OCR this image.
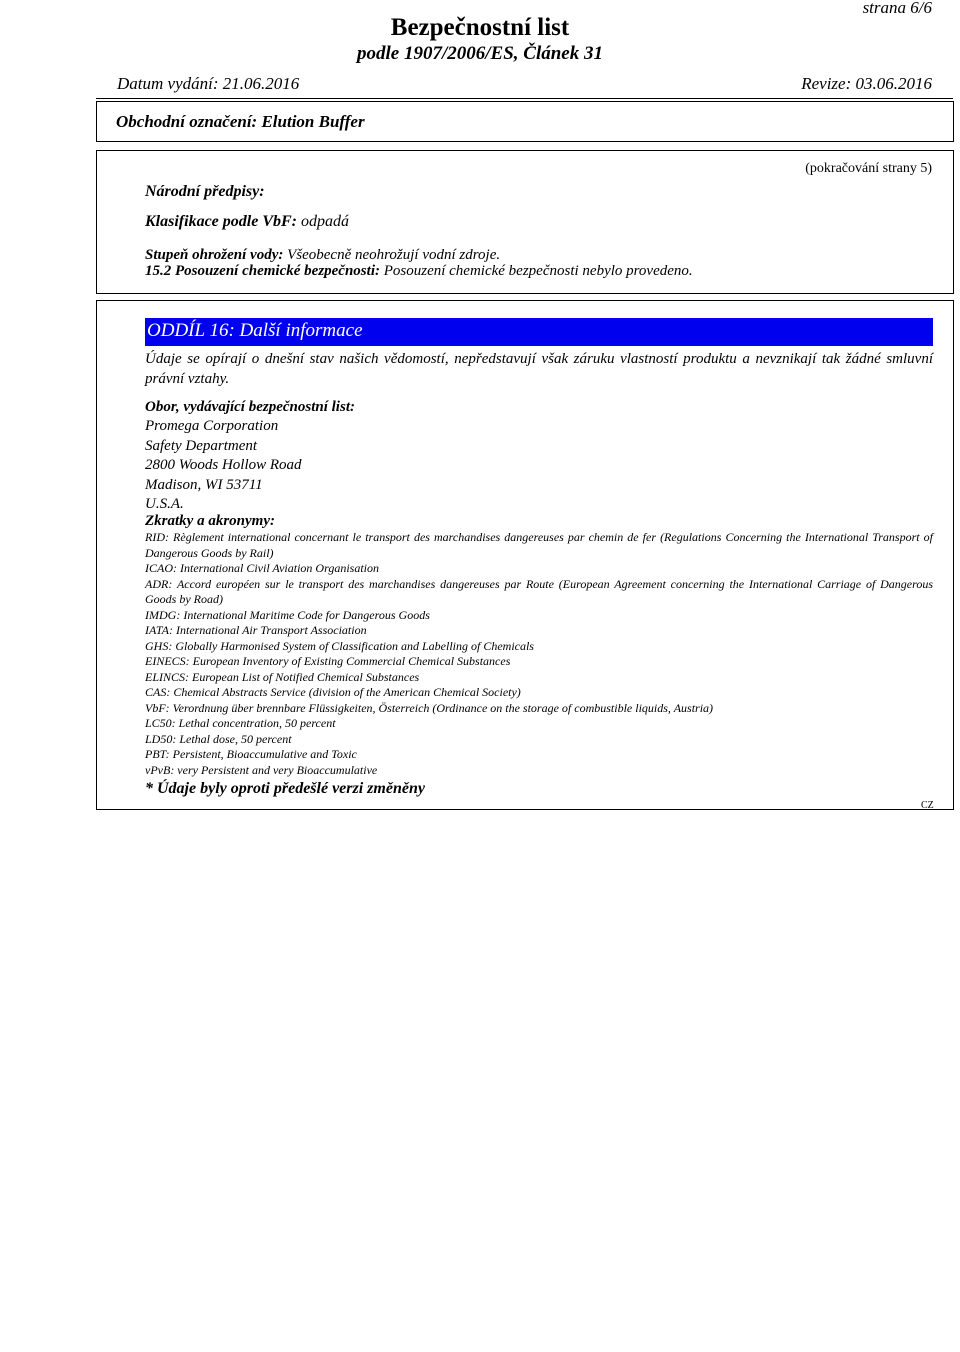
strana 6/6
Bezpečnostní list
podle 1907/2006/ES, Článek 31
Datum vydání: 21.06.2016	Revize: 03.06.2016
Obchodní označení: Elution Buffer
(pokračování strany 5)
Národní předpisy:
Klasifikace podle VbF: odpadá
Stupeň ohrožení vody: Všeobecně neohrožují vodní zdroje.
15.2 Posouzení chemické bezpečnosti: Posouzení chemické bezpečnosti nebylo provedeno.
ODDÍL 16: Další informace
Údaje se opírají o dnešní stav našich vědomostí, nepředstavují však záruku vlastností produktu a nevznikají tak žádné smluvní právní vztahy.
Obor, vydávající bezpečnostní list:
Promega Corporation
Safety Department
2800 Woods Hollow Road
Madison, WI 53711
U.S.A.
Zkratky a akronymy:
RID: Règlement international concernant le transport des marchandises dangereuses par chemin de fer (Regulations Concerning the International Transport of Dangerous Goods by Rail)
ICAO: International Civil Aviation Organisation
ADR: Accord européen sur le transport des marchandises dangereuses par Route (European Agreement concerning the International Carriage of Dangerous Goods by Road)
IMDG: International Maritime Code for Dangerous Goods
IATA: International Air Transport Association
GHS: Globally Harmonised System of Classification and Labelling of Chemicals
EINECS: European Inventory of Existing Commercial Chemical Substances
ELINCS: European List of Notified Chemical Substances
CAS: Chemical Abstracts Service (division of the American Chemical Society)
VbF: Verordnung über brennbare Flüssigkeiten, Österreich (Ordinance on the storage of combustible liquids, Austria)
LC50: Lethal concentration, 50 percent
LD50: Lethal dose, 50 percent
PBT: Persistent, Bioaccumulative and Toxic
vPvB: very Persistent and very Bioaccumulative
* Údaje byly oproti předešlé verzi změněny
CZ
